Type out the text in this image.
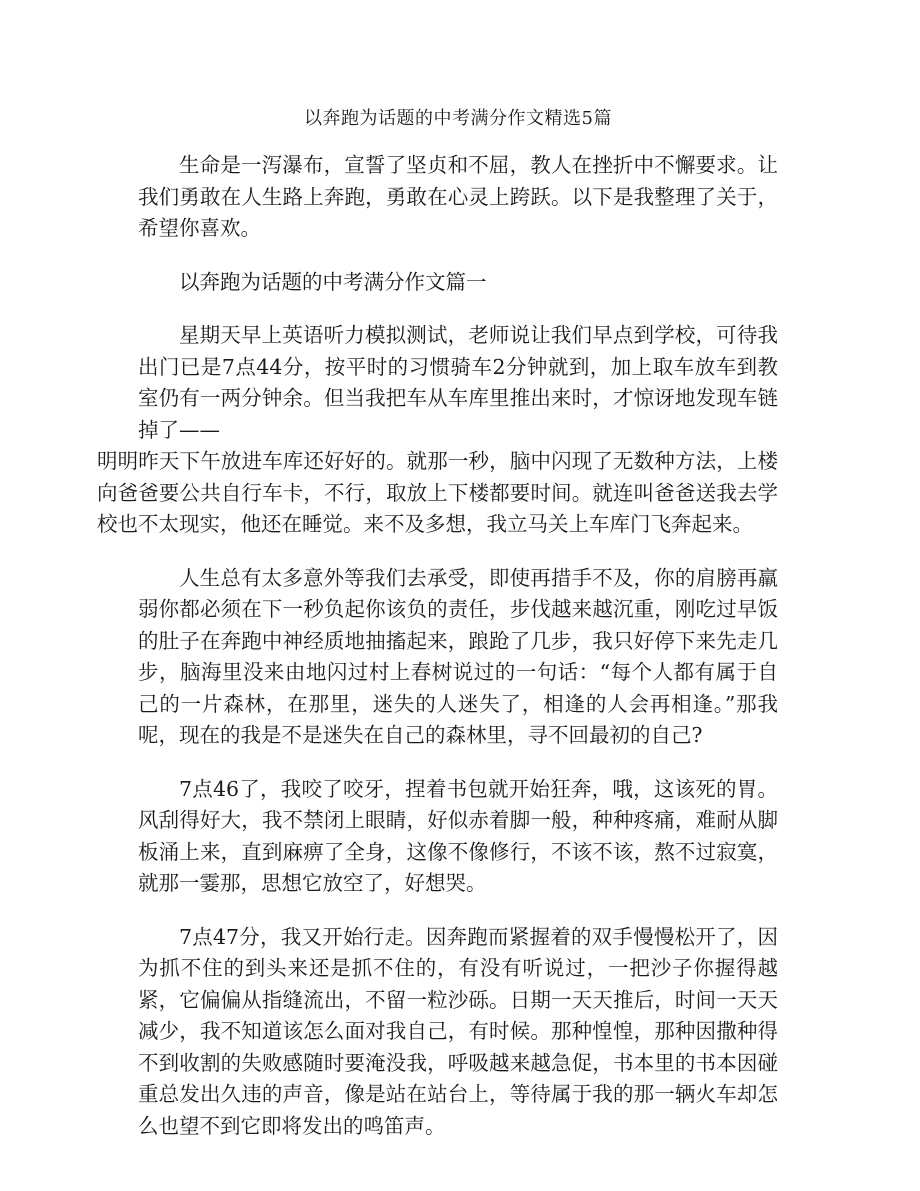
以奔跑为话题的中考满分作文精选5篇

生命是一泻瀑布，宣誓了坚贞和不屈，教人在挫折中不懈要求。让我们勇敢在人生路上奔跑，勇敢在心灵上跨跃。以下是我整理了关于，希望你喜欢。

以奔跑为话题的中考满分作文篇一

星期天早上英语听力模拟测试，老师说让我们早点到学校，可待我出门已是7点44分，按平时的习惯骑车2分钟就到，加上取车放车到教室仍有一两分钟余。但当我把车从车库里推出来时，才惊讶地发现车链掉了——
明明昨天下午放进车库还好好的。就那一秒，脑中闪现了无数种方法，上楼向爸爸要公共自行车卡，不行，取放上下楼都要时间。就连叫爸爸送我去学校也不太现实，他还在睡觉。来不及多想，我立马关上车库门飞奔起来。

人生总有太多意外等我们去承受，即使再措手不及，你的肩膀再羸弱你都必须在下一秒负起你该负的责任，步伐越来越沉重，刚吃过早饭的肚子在奔跑中神经质地抽搐起来，踉跄了几步，我只好停下来先走几步，脑海里没来由地闪过村上春树说过的一句话：“每个人都有属于自己的一片森林，在那里，迷失的人迷失了，相逢的人会再相逢。”那我呢，现在的我是不是迷失在自己的森林里，寻不回最初的自己?

7点46了，我咬了咬牙，捏着书包就开始狂奔，哦，这该死的胃。风刮得好大，我不禁闭上眼睛，好似赤着脚一般，种种疼痛，难耐从脚板涌上来，直到麻痹了全身，这像不像修行，不该不该，熬不过寂寞，就那一霎那，思想它放空了，好想哭。

7点47分，我又开始行走。因奔跑而紧握着的双手慢慢松开了，因为抓不住的到头来还是抓不住的，有没有听说过，一把沙子你握得越紧，它偏偏从指缝流出，不留一粒沙砾。日期一天天推后，时间一天天减少，我不知道该怎么面对我自己，有时候。那种惶惶，那种因撒种得不到收割的失败感随时要淹没我，呼吸越来越急促，书本里的书本因碰重总发出久违的声音，像是站在站台上，等待属于我的那一辆火车却怎么也望不到它即将发出的鸣笛声。
